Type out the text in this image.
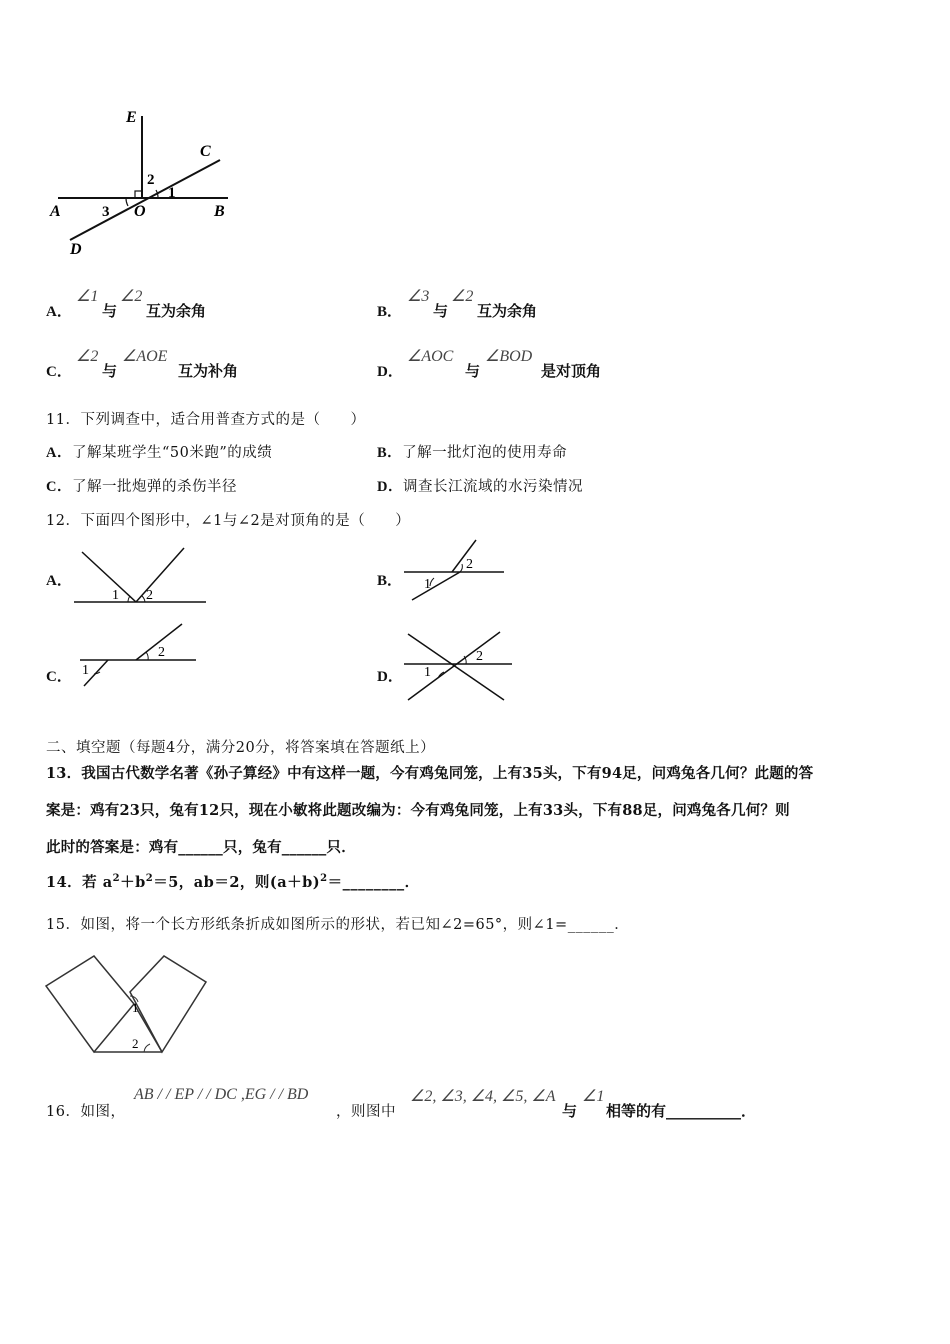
E
C
A	O	B
D
1
2
3
A．
∠1
与
∠2
互为余角	B．
∠3
与
∠2
互为余角
C．
∠2
与
∠AOE
互为补角	D．
∠AOC
与
∠BOD
是对顶角
11．下列调查中，适合用普查方式的是（　　）
A．了解某班学生“50米跑”的成绩	B．了解一批灯泡的使用寿命
C．了解一批炮弹的杀伤半径	D．调查长江流域的水污染情况
12．下面四个图形中，∠1与∠2是对顶角的是（　　）
A．
1 2
B． 1
2
C． 1
2
D． 1
2
二、填空题（每题4分，满分20分，将答案填在答题纸上）
13．我国古代数学名著《孙子算经》中有这样一题，今有鸡兔同笼，上有35头，下有94足，问鸡兔各几何？此题的答
案是：鸡有23只，兔有12只，现在小敏将此题改编为：今有鸡兔同笼，上有33头，下有88足，问鸡兔各几何？则
此时的答案是：鸡有______只，兔有______只．
14．若 $a^2+b^2=5$，ab＝2，则$(a+b)^2=\_\_\_\_\_\_\_\_$．
15．如图，将一个长方形纸条折成如图所示的形状，若已知∠2=65°，则∠1=______．
1
2
16．如图，
AB / / EP / / DC ,EG / / BD
，则图中
∠2, ∠3, ∠4, ∠5, ∠A
与
∠1
相等的有__________．
